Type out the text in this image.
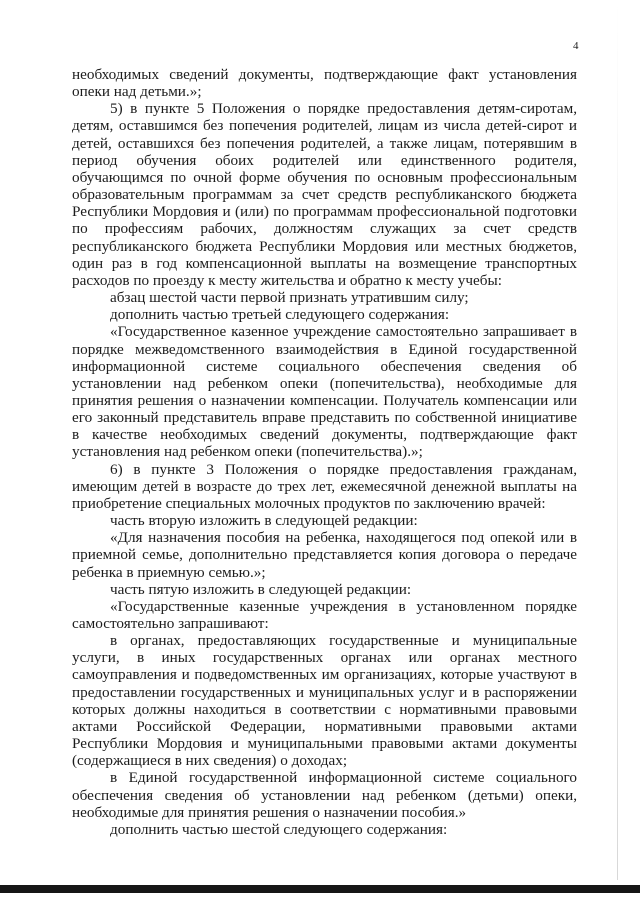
4

необходимых сведений документы, подтверждающие факт установления опеки над детьми.»;

5) в пункте 5 Положения о порядке предоставления детям-сиротам, детям, оставшимся без попечения родителей, лицам из числа детей-сирот и детей, оставшихся без попечения родителей, а также лицам, потерявшим в период обучения обоих родителей или единственного родителя, обучающимся по очной форме обучения по основным профессиональным образовательным программам за счет средств республиканского бюджета Республики Мордовия и (или) по программам профессиональной подготовки по профессиям рабочих, должностям служащих за счет средств республиканского бюджета Республики Мордовия или местных бюджетов, один раз в год компенсационной выплаты на возмещение транспортных расходов по проезду к месту жительства и обратно к месту учебы:

абзац шестой части первой признать утратившим силу;

дополнить частью третьей следующего содержания:

«Государственное казенное учреждение самостоятельно запрашивает в порядке межведомственного взаимодействия в Единой государственной информационной системе социального обеспечения сведения об установлении над ребенком опеки (попечительства), необходимые для принятия решения о назначении компенсации. Получатель компенсации или его законный представитель вправе представить по собственной инициативе в качестве необходимых сведений документы, подтверждающие факт установления над ребенком опеки (попечительства).»;

6) в пункте 3 Положения о порядке предоставления гражданам, имеющим детей в возрасте до трех лет, ежемесячной денежной выплаты на приобретение специальных молочных продуктов по заключению врачей:

часть вторую изложить в следующей редакции:

«Для назначения пособия на ребенка, находящегося под опекой или в приемной семье, дополнительно представляется копия договора о передаче ребенка в приемную семью.»;

часть пятую изложить в следующей редакции:

«Государственные казенные учреждения в установленном порядке самостоятельно запрашивают:

в органах, предоставляющих государственные и муниципальные услуги, в иных государственных органах или органах местного самоуправления и подведомственных им организациях, которые участвуют в предоставлении государственных и муниципальных услуг и в распоряжении которых должны находиться в соответствии с нормативными правовыми актами Российской Федерации, нормативными правовыми актами Республики Мордовия и муниципальными правовыми актами документы (содержащиеся в них сведения) о доходах;

в Единой государственной информационной системе социального обеспечения сведения об установлении над ребенком (детьми) опеки, необходимые для принятия решения о назначении пособия.»

дополнить частью шестой следующего содержания:
